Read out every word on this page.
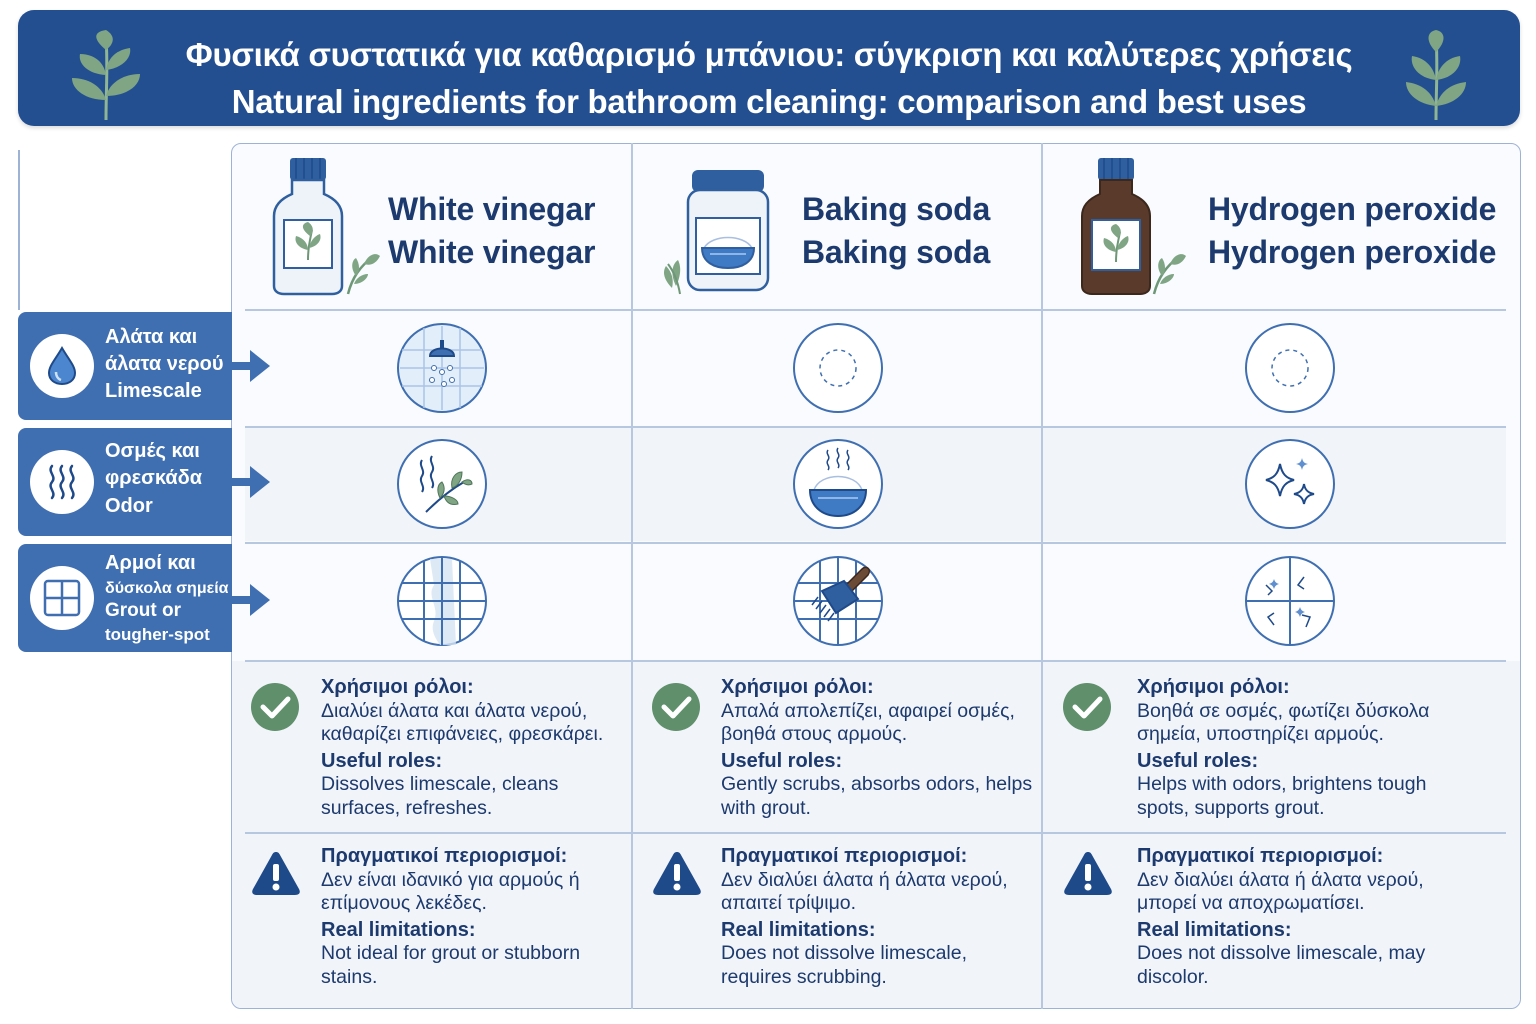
Φυσικά συστατικά για καθαρισμό μπάνιου: σύγκριση και καλύτερες χρήσεις
Natural ingredients for bathroom cleaning: comparison and best uses
White vinegar
White vinegar
Baking soda
Baking soda
Hydrogen peroxide
Hydrogen peroxide
Αλάτα και
άλατα νερού
Limescale
Οσμές και
φρεσκάδα
Odor
Αρμοί και
δύσκολα σημεία
Grout or
tougher-spot
Χρήσιμοι ρόλοι:
Διαλύει άλατα και άλατα νερού, καθαρίζει επιφάνειες, φρεσκάρει.
Useful roles:
Dissolves limescale, cleans surfaces, refreshes.
Χρήσιμοι ρόλοι:
Απαλά απολεπίζει, αφαιρεί οσμές, βοηθά στους αρμούς.
Useful roles:
Gently scrubs, absorbs odors, helps with grout.
Χρήσιμοι ρόλοι:
Βοηθά σε οσμές, φωτίζει δύσκολα σημεία, υποστηρίζει αρμούς.
Useful roles:
Helps with odors, brightens tough spots, supports grout.
Πραγματικοί περιορισμοί:
Δεν είναι ιδανικό για αρμούς ή επίμονους λεκέδες.
Real limitations:
Not ideal for grout or stubborn stains.
Πραγματικοί περιορισμοί:
Δεν διαλύει άλατα ή άλατα νερού, απαιτεί τρίψιμο.
Real limitations:
Does not dissolve limescale, requires scrubbing.
Πραγματικοί περιορισμοί:
Δεν διαλύει άλατα ή άλατα νερού, μπορεί να αποχρωματίσει.
Real limitations:
Does not dissolve limescale, may discolor.
